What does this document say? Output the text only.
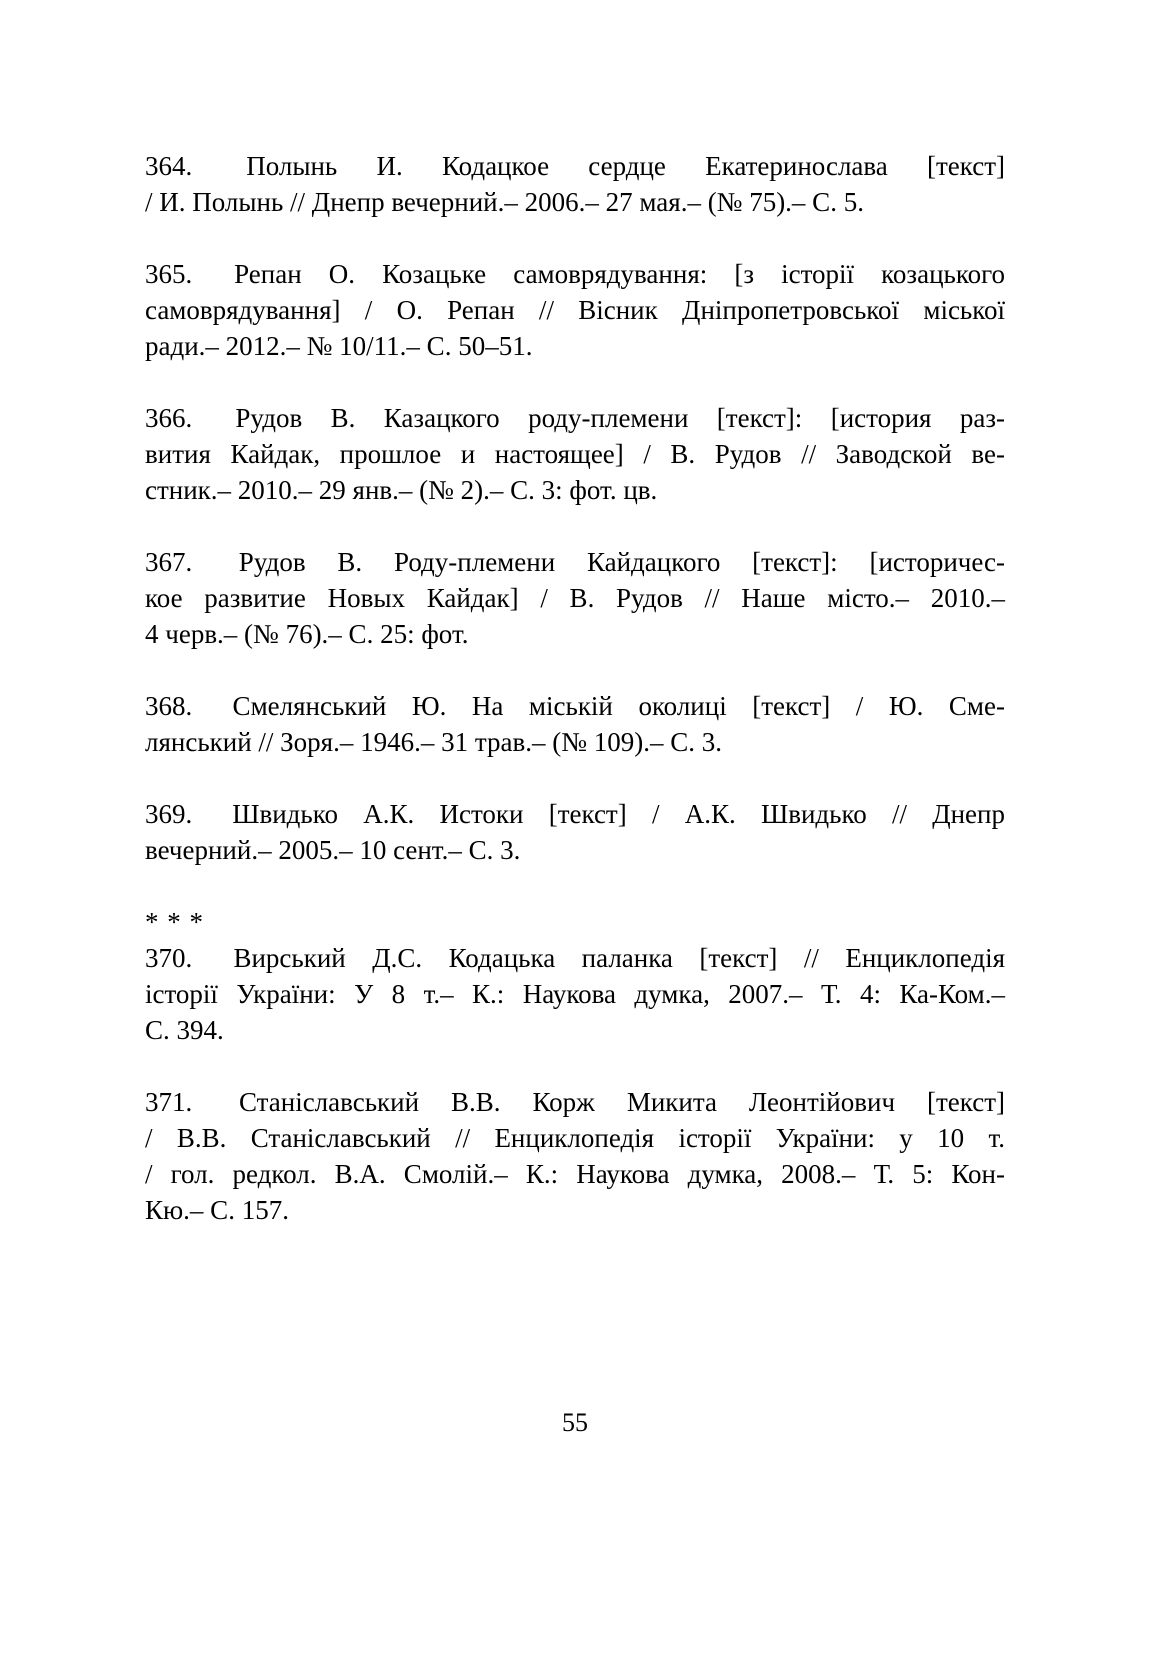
364. Полынь И. Кодацкое сердце Екатеринослава [текст]
/ И. Полынь // Днепр вечерний.– 2006.– 27 мая.– (№ 75).– С. 5.
365. Репан О. Козацьке самоврядування: [з історії козацького
самоврядування] / О. Репан // Вісник Дніпропетровської міської
ради.– 2012.– № 10/11.– С. 50–51.
366. Рудов В. Казацкого роду-племени [текст]: [история раз-
вития Кайдак, прошлое и настоящее] / В. Рудов // Заводской ве-
стник.– 2010.– 29 янв.– (№ 2).– С. 3: фот. цв.
367. Рудов В. Роду-племени Кайдацкого [текст]: [историчес-
кое развитие Новых Кайдак] / В. Рудов // Наше місто.– 2010.–
4 черв.– (№ 76).– С. 25: фот.
368. Смелянський Ю. На міській околиці [текст] / Ю. Сме-
лянський // Зоря.– 1946.– 31 трав.– (№ 109).– С. 3.
369. Швидько А.К. Истоки [текст] / А.К. Швидько // Днепр
вечерний.– 2005.– 10 сент.– С. 3.
* * *
370. Вирський Д.С. Кодацька паланка [текст] // Енциклопедія
історії України: У 8 т.– К.: Наукова думка, 2007.– Т. 4: Ка-Ком.–
С. 394.
371. Станіславський В.В. Корж Микита Леонтійович [текст]
/ В.В. Станіславський // Енциклопедія історії України: у 10 т.
/ гол. редкол. В.А. Смолій.– К.: Наукова думка, 2008.– Т. 5: Кон-
Кю.– С. 157.
55
